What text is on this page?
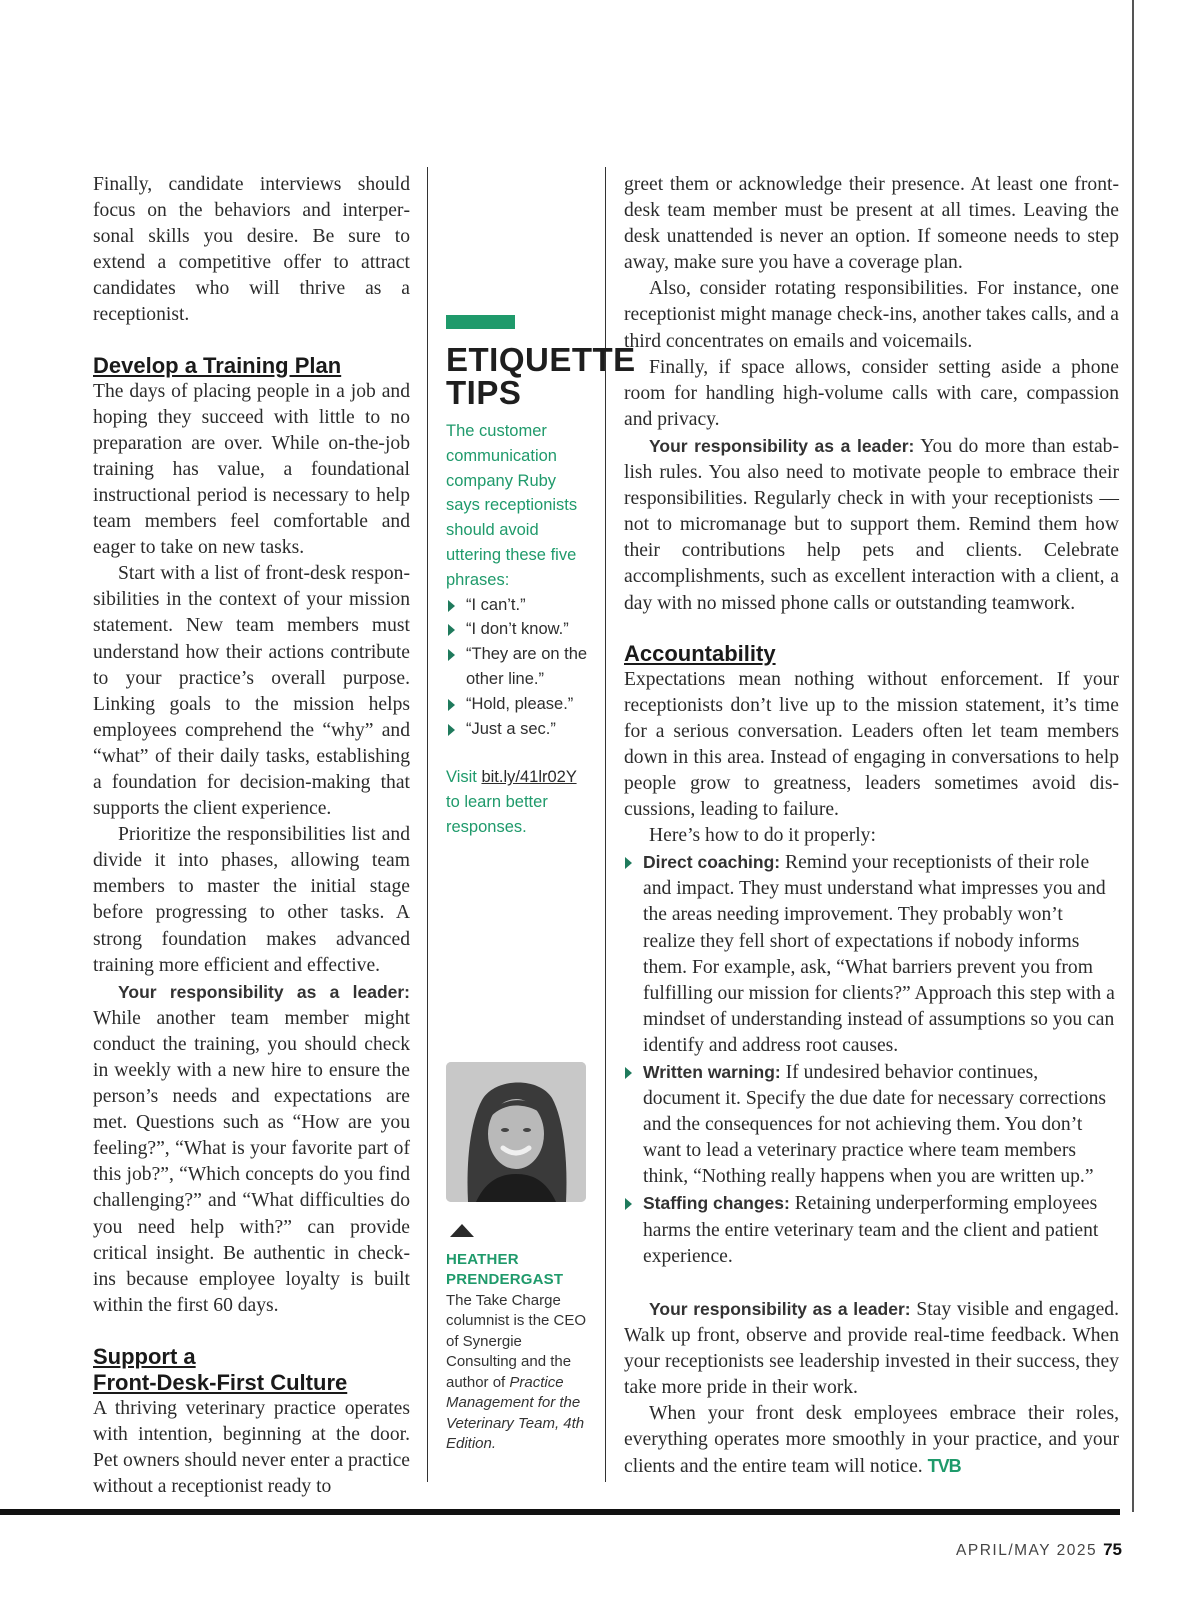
Finally, candidate interviews should focus on the behaviors and interpersonal skills you desire. Be sure to extend a competitive offer to attract candidates who will thrive as a receptionist.

Develop a Training Plan

The days of placing people in a job and hoping they succeed with little to no preparation are over. While on-the-job training has value, a foundational instructional period is necessary to help team members feel comfortable and eager to take on new tasks.

Start with a list of front-desk responsibilities in the context of your mission statement. New team members must understand how their actions contribute to your practice’s overall purpose. Linking goals to the mission helps employees comprehend the “why” and “what” of their daily tasks, establishing a foundation for decision-making that supports the client experience.

Prioritize the responsibilities list and divide it into phases, allowing team members to master the initial stage before progressing to other tasks. A strong foundation makes advanced training more efficient and effective.

Your responsibility as a leader: While another team member might conduct the training, you should check in weekly with a new hire to ensure the person’s needs and expectations are met. Questions such as “How are you feeling?”, “What is your favorite part of this job?”, “Which concepts do you find challenging?” and “What difficulties do you need help with?” can provide critical insight. Be authentic in check-ins because employee loyalty is built within the first 60 days.

Support a
Front-Desk-First Culture

A thriving veterinary practice operates with intention, beginning at the door. Pet owners should never enter a practice without a receptionist ready to

ETIQUETTE
TIPS
The customer communication company Ruby says receptionists should avoid uttering these five phrases:
“I can’t.”
“I don’t know.”
“They are on the other line.”
“Hold, please.”
“Just a sec.”
Visit bit.ly/41lr02Y to learn better responses.
HEATHER
PRENDERGAST
The Take Charge columnist is the CEO of Synergie Consulting and the author of Practice Management for the Veterinary Team, 4th Edition.

greet them or acknowledge their presence. At least one front-desk team member must be present at all times. Leaving the desk unattended is never an option. If someone needs to step away, make sure you have a coverage plan.

Also, consider rotating responsibilities. For instance, one receptionist might manage check-ins, another takes calls, and a third concentrates on emails and voicemails.

Finally, if space allows, consider setting aside a phone room for handling high-volume calls with care, compassion and privacy.

Your responsibility as a leader: You do more than establish rules. You also need to motivate people to embrace their responsibilities. Regularly check in with your receptionists — not to micromanage but to support them. Remind them how their contributions help pets and clients. Celebrate accomplishments, such as excellent interaction with a client, a day with no missed phone calls or outstanding teamwork.

Accountability

Expectations mean nothing without enforcement. If your receptionists don’t live up to the mission statement, it’s time for a serious conversation. Leaders often let team members down in this area. Instead of engaging in conversations to help people grow to greatness, leaders sometimes avoid discussions, leading to failure.

Here’s how to do it properly:

Direct coaching: Remind your receptionists of their role and impact. They must understand what impresses you and the areas needing improvement. They probably won’t realize they fell short of expectations if nobody informs them. For example, ask, “What barriers prevent you from fulfilling our mission for clients?” Approach this step with a mindset of understanding instead of assumptions so you can identify and address root causes.
Written warning: If undesired behavior continues, document it. Specify the due date for necessary corrections and the consequences for not achieving them. You don’t want to lead a veterinary practice where team members think, “Nothing really happens when you are written up.”
Staffing changes: Retaining underperforming employees harms the entire veterinary team and the client and patient experience.

Your responsibility as a leader: Stay visible and engaged. Walk up front, observe and provide real-time feedback. When your receptionists see leadership invested in their success, they take more pride in their work.

When your front desk employees embrace their roles, everything operates more smoothly in your practice, and your clients and the entire team will notice. TVB

APRIL/MAY 2025 75
